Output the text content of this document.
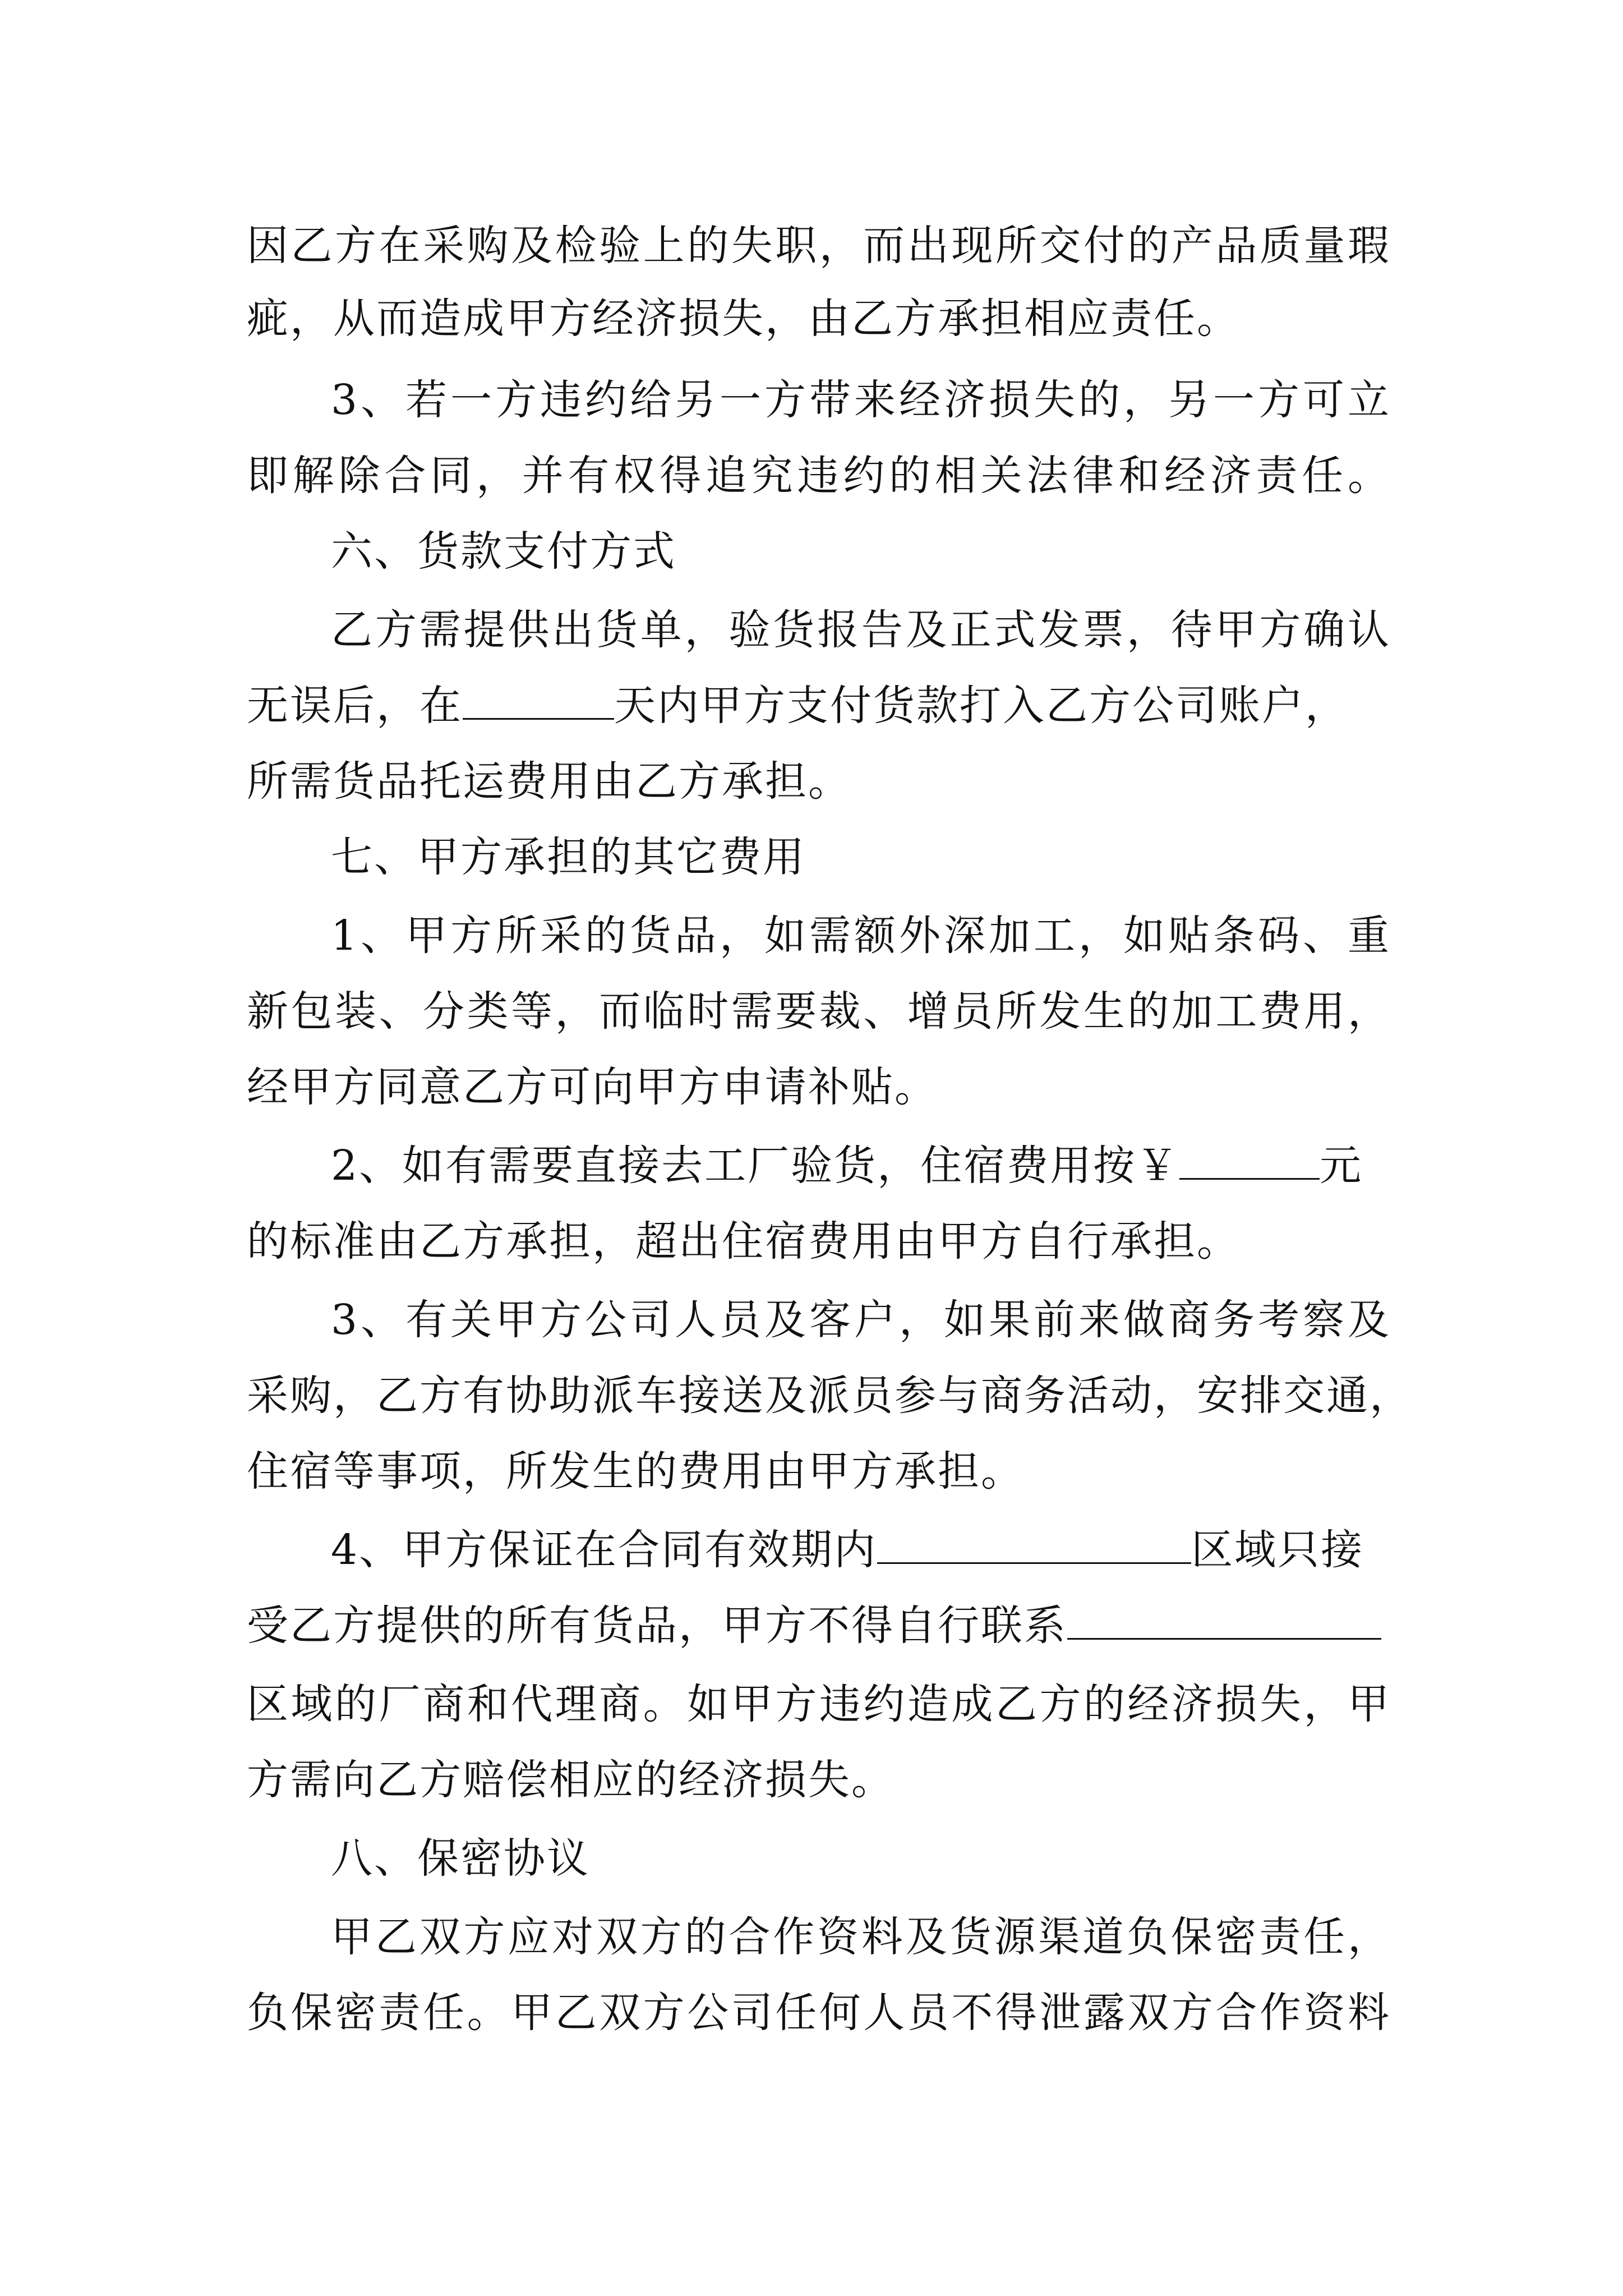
因乙方在采购及检验上的失职，而出现所交付的产品质量瑕
疵，从而造成甲方经济损失，由乙方承担相应责任。
3、若一方违约给另一方带来经济损失的，另一方可立
即解除合同，并有权得追究违约的相关法律和经济责任。
六、货款支付方式
乙方需提供出货单，验货报告及正式发票，待甲方确认
无误后，在	天内甲方支付货款打入乙方公司账户，
所需货品托运费用由乙方承担。
七、甲方承担的其它费用
1、甲方所采的货品，如需额外深加工，如贴条码、重
新包装、分类等，而临时需要裁、增员所发生的加工费用，
经甲方同意乙方可向甲方申请补贴。
2、如有需要直接去工厂验货，住宿费用按￥	元
的标准由乙方承担，超出住宿费用由甲方自行承担。
3、有关甲方公司人员及客户，如果前来做商务考察及
采购，乙方有协助派车接送及派员参与商务活动，安排交通，
住宿等事项，所发生的费用由甲方承担。
4、甲方保证在合同有效期内	区域只接
受乙方提供的所有货品，甲方不得自行联系
区域的厂商和代理商。如甲方违约造成乙方的经济损失，甲
方需向乙方赔偿相应的经济损失。
八、保密协议
甲乙双方应对双方的合作资料及货源渠道负保密责任，
负保密责任。甲乙双方公司任何人员不得泄露双方合作资料
